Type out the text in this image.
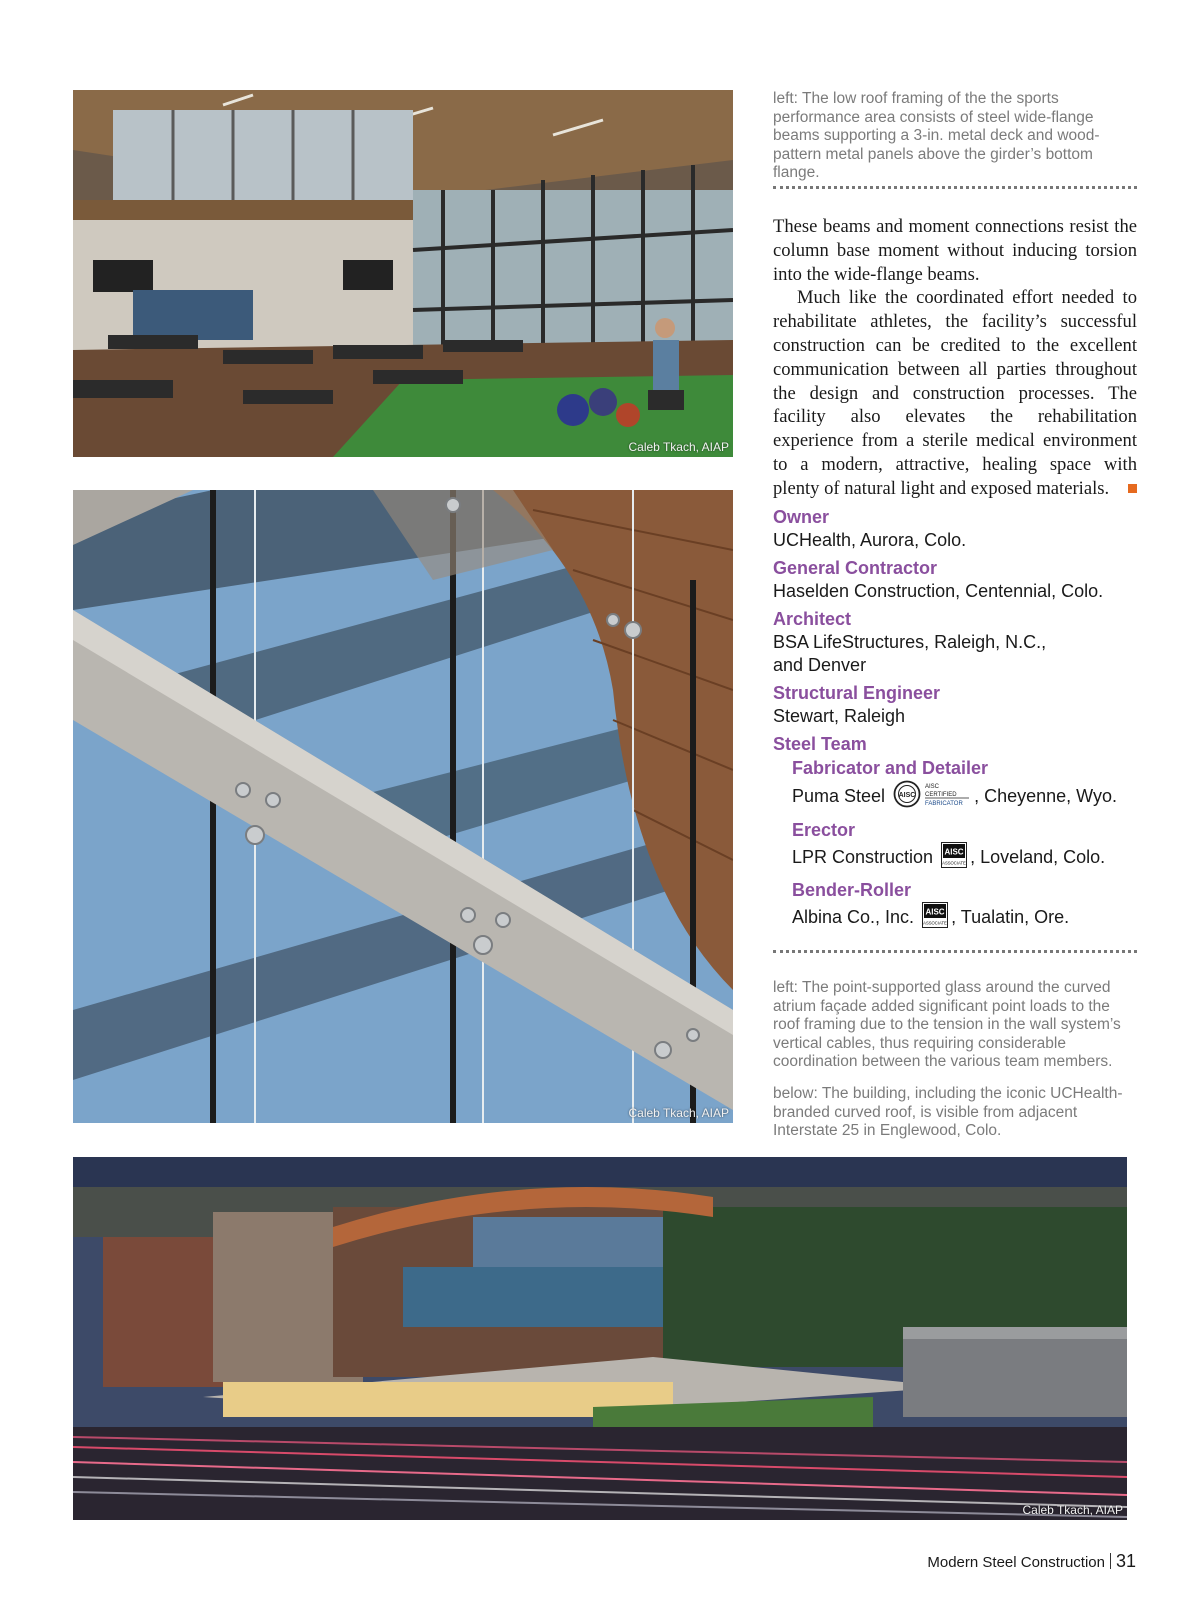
Caleb Tkach, AIAP
Caleb Tkach, AIAP
Caleb Tkach, AIAP
left: The low roof framing of the the sports performance area consists of steel wide-flange beams supporting a 3-in. metal deck and wood-pattern metal panels above the girder’s bottom flange.

These beams and moment connections resist the column base moment without inducing torsion into the wide-flange beams.

Much like the coordinated effort needed to rehabilitate athletes, the facility’s successful construction can be credited to the excellent communication between all parties throughout the design and construction processes. The facility also elevates the rehabilitation experience from a sterile medical environment to a modern, attractive, healing space with plenty of natural light and exposed materials.

Owner

UCHealth, Aurora, Colo.

General Contractor

Haselden Construction, Centennial, Colo.

Architect

BSA LifeStructures, Raleigh, N.C.,
and Denver

Structural Engineer

Stewart, Raleigh

Steel Team

Fabricator and Detailer

Puma Steel AISC
AISC
CERTIFIED
FABRICATOR , Cheyenne, Wyo.

Erector

LPR Construction AISC
ASSOCIATE , Loveland, Colo.

Bender-Roller

Albina Co., Inc. AISC
ASSOCIATE , Tualatin, Ore.

left: The point-supported glass around the curved atrium façade added significant point loads to the roof framing due to the tension in the wall system’s vertical cables, thus requiring considerable coordination between the various team members.
below: The building, including the iconic UCHealth-branded curved roof, is visible from adjacent Interstate 25 in Englewood, Colo.
Modern Steel Construction 31
